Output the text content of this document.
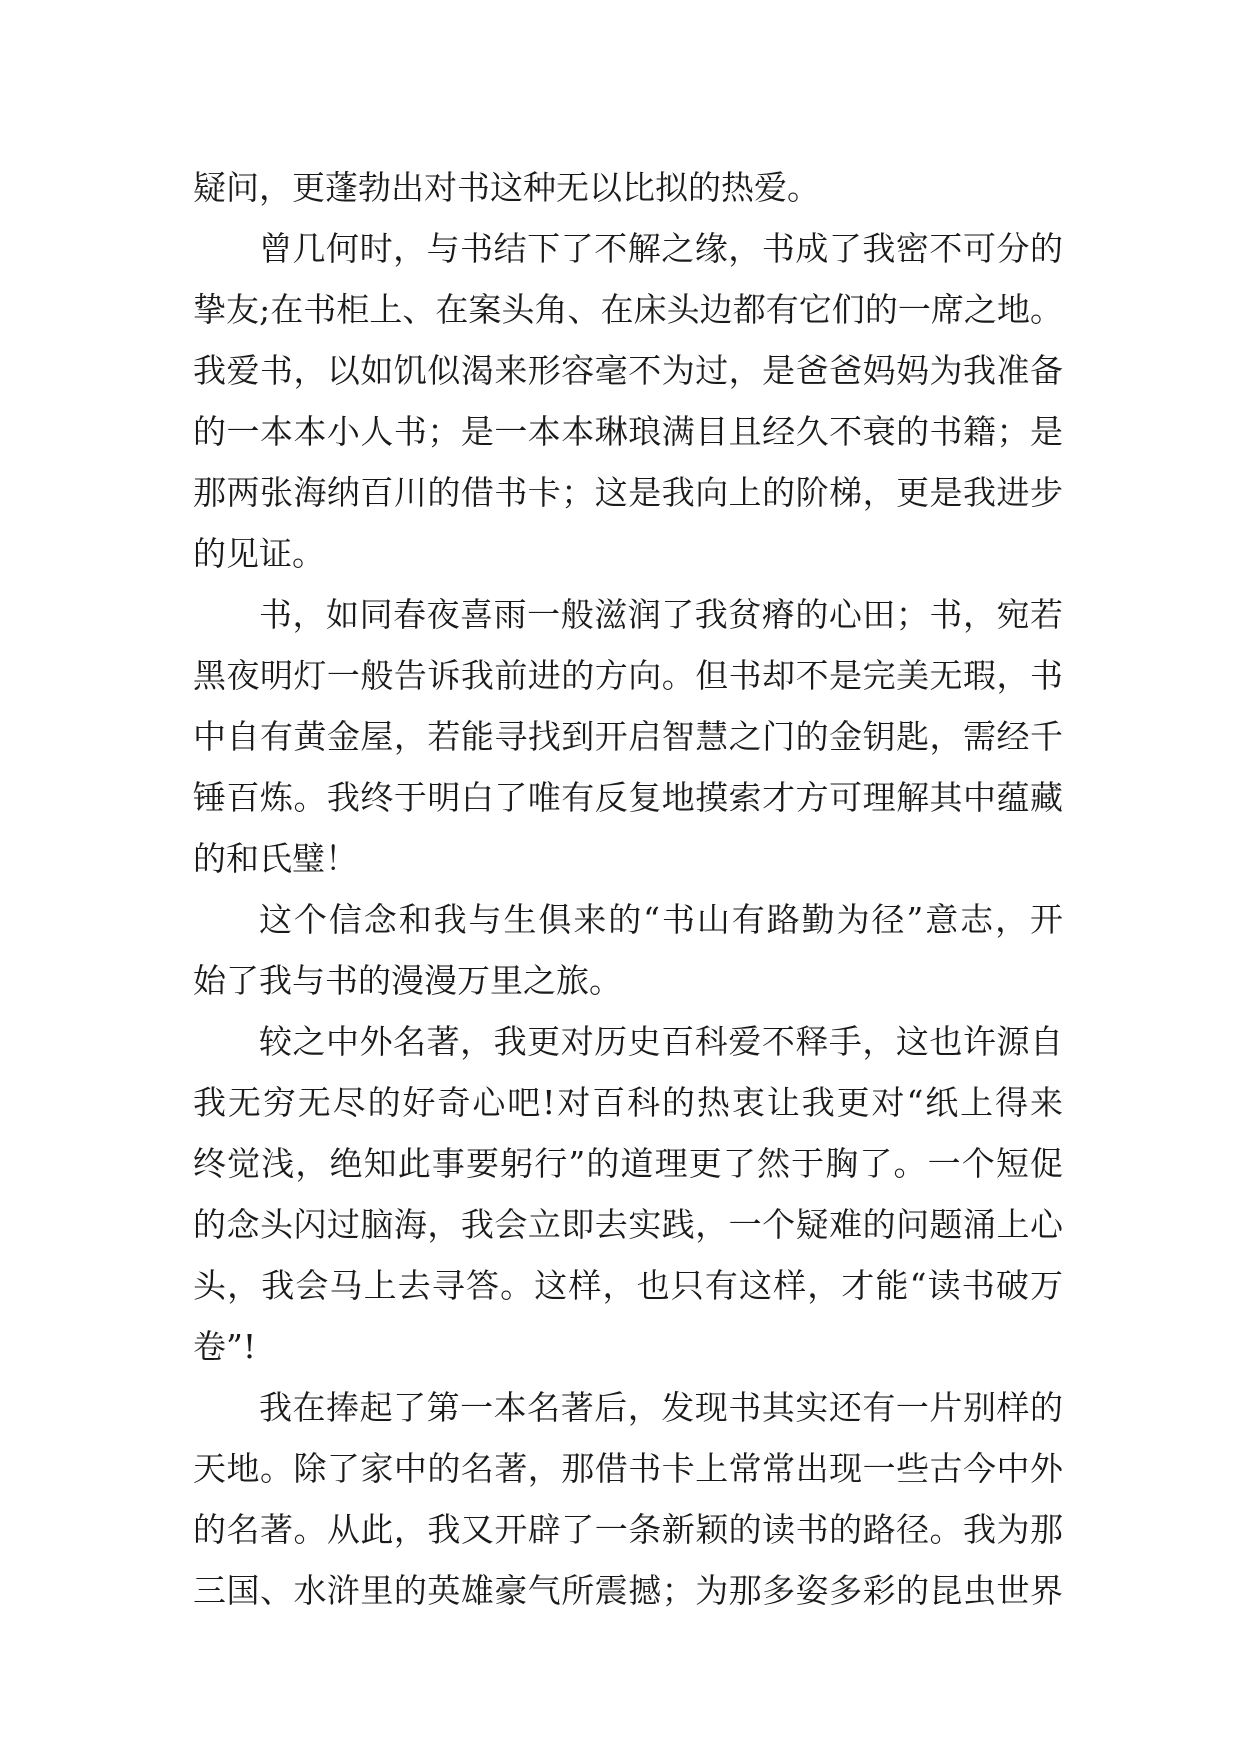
疑问，更蓬勃出对书这种无以比拟的热爱。
曾几何时，与书结下了不解之缘，书成了我密不可分的
挚友;在书柜上、在案头角、在床头边都有它们的一席之地。
我爱书，以如饥似渴来形容毫不为过，是爸爸妈妈为我准备
的一本本小人书；是一本本琳琅满目且经久不衰的书籍；是
那两张海纳百川的借书卡；这是我向上的阶梯，更是我进步
的见证。
书，如同春夜喜雨一般滋润了我贫瘠的心田；书，宛若
黑夜明灯一般告诉我前进的方向。但书却不是完美无瑕，书
中自有黄金屋，若能寻找到开启智慧之门的金钥匙，需经千
锤百炼。我终于明白了唯有反复地摸索才方可理解其中蕴藏
的和氏璧！
这个信念和我与生俱来的“书山有路勤为径”意志，开
始了我与书的漫漫万里之旅。
较之中外名著，我更对历史百科爱不释手，这也许源自
我无穷无尽的好奇心吧!对百科的热衷让我更对“纸上得来
终觉浅，绝知此事要躬行”的道理更了然于胸了。一个短促
的念头闪过脑海，我会立即去实践，一个疑难的问题涌上心
头，我会马上去寻答。这样，也只有这样，才能“读书破万
卷”!
我在捧起了第一本名著后，发现书其实还有一片别样的
天地。除了家中的名著，那借书卡上常常出现一些古今中外
的名著。从此，我又开辟了一条新颖的读书的路径。我为那
三国、水浒里的英雄豪气所震撼；为那多姿多彩的昆虫世界
